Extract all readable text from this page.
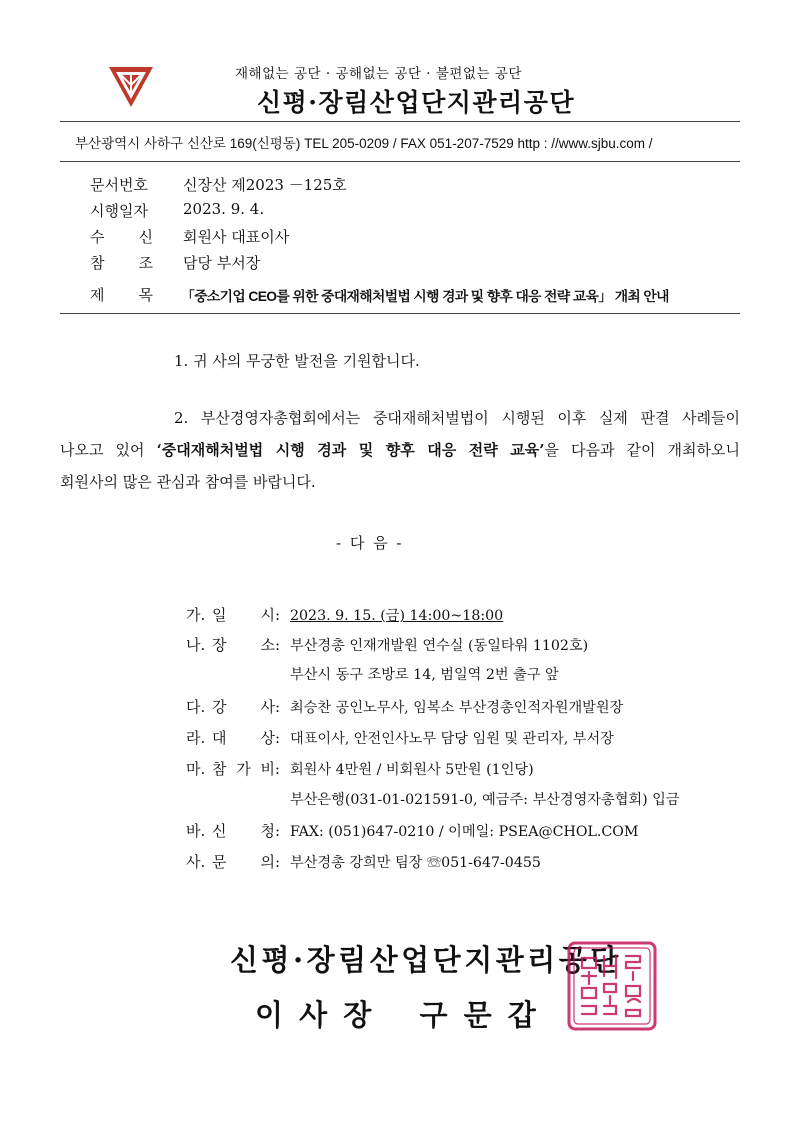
재해없는 공단 · 공해없는 공단 · 불편없는 공단
신평·장림산업단지관리공단
부산광역시 사하구 신산로 169(신평동) TEL 205-0209 / FAX 051-207-7529 http : //www.sjbu.com /
문서번호 신장산 제2023 －125호
시행일자 2023. 9. 4.
수 신 회원사 대표이사
참 조 담당 부서장
제 목 「중소기업 CEO를 위한 중대재해처벌법 시행 경과 및 향후 대응 전략 교육」 개최 안내
1. 귀 사의 무궁한 발전을 기원합니다.
2. 부산경영자총협회에서는 중대재해처벌법이 시행된 이후 실제 판결 사례들이
나오고 있어 ‘중대재해처벌법 시행 경과 및 향후 대응 전략 교육’을 다음과 같이 개최하오니
회원사의 많은 관심과 참여를 바랍니다.
- 다 음 -
가. 일 시: 2023. 9. 15. (금) 14:00~18:00
나. 장 소: 부산경총 인재개발원 연수실 (동일타워 1102호)
부산시 동구 조방로 14, 범일역 2번 출구 앞
다. 강 사: 최승찬 공인노무사, 임복소 부산경총인적자원개발원장
라. 대 상: 대표이사, 안전인사노무 담당 임원 및 관리자, 부서장
마. 참 가 비: 회원사 4만원 / 비회원사 5만원 (1인당)
부산은행(031-01-021591-0, 예금주: 부산경영자총협회) 입금
바. 신 청: FAX: (051)647-0210 / 이메일: PSEA@CHOL.COM
사. 문 의: 부산경총 강희만 팀장 ☏051-647-0455
신평·장림산업단지관리공단
이 사 장   구 문 갑
